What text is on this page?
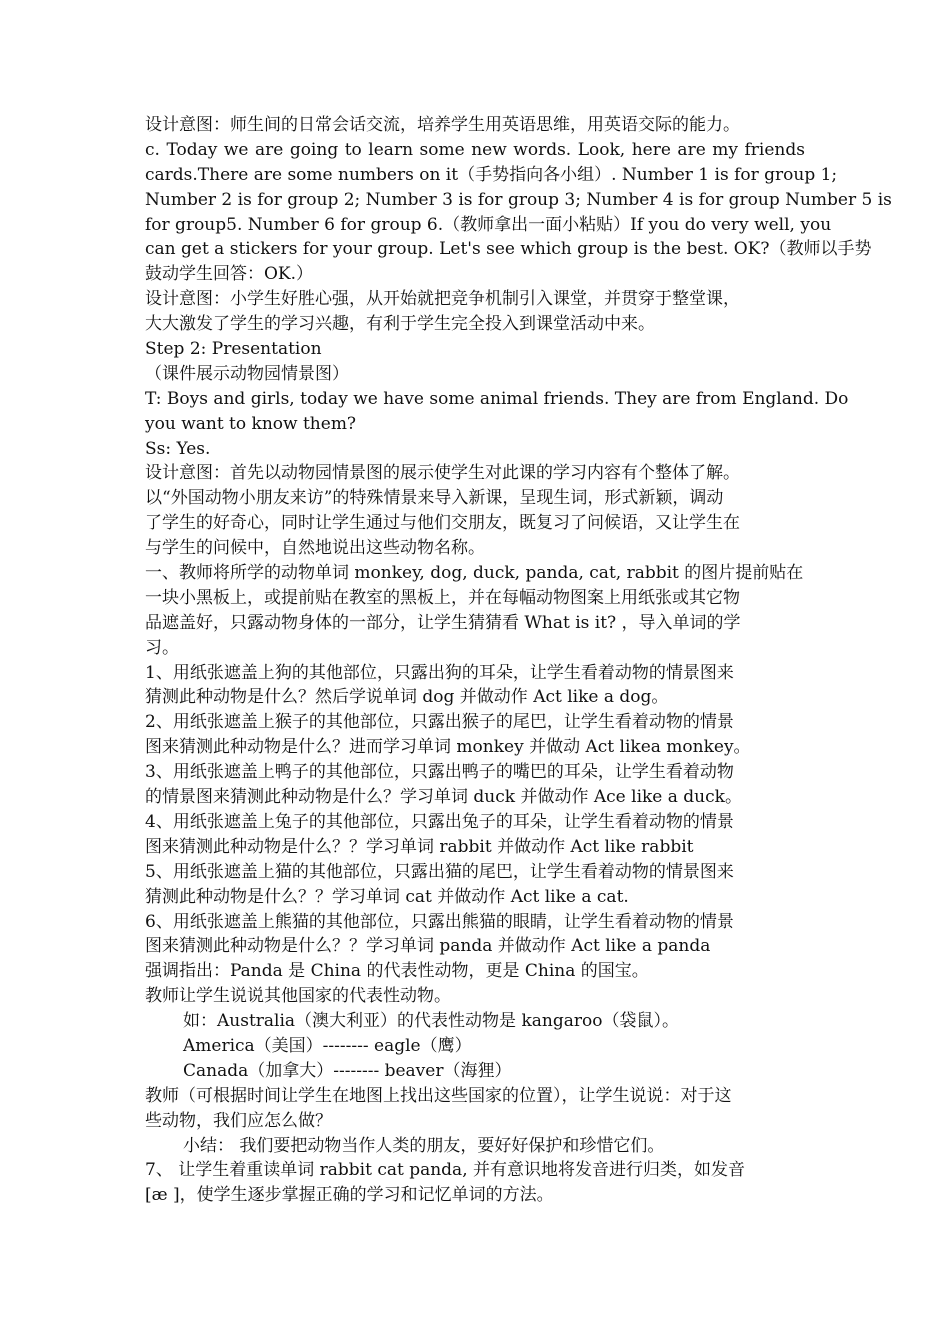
设计意图：师生间的日常会话交流，培养学生用英语思维，用英语交际的能力。
c. Today we are going to learn some new words. Look, here are my friends
cards.There are some numbers on it（手势指向各小组）. Number 1 is for group 1;
Number 2 is for group 2; Number 3 is for group 3; Number 4 is for group Number 5 is
for group5. Number 6 for group 6.（教师拿出一面小粘贴）If you do very well, you
can get a stickers for your group. Let's see which group is the best. OK?（教师以手势
鼓动学生回答：OK.）
设计意图：小学生好胜心强，从开始就把竞争机制引入课堂，并贯穿于整堂课，
大大激发了学生的学习兴趣，有利于学生完全投入到课堂活动中来。
Step 2: Presentation
（课件展示动物园情景图）
T: Boys and girls, today we have some animal friends. They are from England. Do
you want to know them?
Ss: Yes.
设计意图：首先以动物园情景图的展示使学生对此课的学习内容有个整体了解。
以“外国动物小朋友来访”的特殊情景来导入新课，呈现生词，形式新颖，调动
了学生的好奇心，同时让学生通过与他们交朋友，既复习了问候语，又让学生在
与学生的问候中，自然地说出这些动物名称。
一、教师将所学的动物单词 monkey, dog, duck, panda, cat, rabbit 的图片提前贴在
一块小黑板上，或提前贴在教室的黑板上，并在每幅动物图案上用纸张或其它物
品遮盖好，只露动物身体的一部分，让学生猜猜看 What is it? ，导入单词的学
习。
1、用纸张遮盖上狗的其他部位，只露出狗的耳朵，让学生看着动物的情景图来
猜测此种动物是什么？然后学说单词 dog 并做动作 Act like a dog。
2、用纸张遮盖上猴子的其他部位，只露出猴子的尾巴，让学生看着动物的情景
图来猜测此种动物是什么？进而学习单词 monkey 并做动 Act likea monkey。
3、用纸张遮盖上鸭子的其他部位，只露出鸭子的嘴巴的耳朵，让学生看着动物
的情景图来猜测此种动物是什么？学习单词 duck 并做动作 Ace like a duck。
4、用纸张遮盖上兔子的其他部位，只露出兔子的耳朵，让学生看着动物的情景
图来猜测此种动物是什么？？学习单词 rabbit 并做动作 Act like rabbit
5、用纸张遮盖上猫的其他部位，只露出猫的尾巴，让学生看着动物的情景图来
猜测此种动物是什么？？学习单词 cat 并做动作 Act like a cat.
6、用纸张遮盖上熊猫的其他部位，只露出熊猫的眼睛，让学生看着动物的情景
图来猜测此种动物是什么？？学习单词 panda 并做动作 Act like a panda
强调指出：Panda 是 China 的代表性动物，更是 China 的国宝。
教师让学生说说其他国家的代表性动物。
如：Australia（澳大利亚）的代表性动物是 kangaroo（袋鼠）。
America（美国）-------- eagle（鹰）
Canada（加拿大）-------- beaver（海狸）
教师（可根据时间让学生在地图上找出这些国家的位置），让学生说说：对于这
些动物，我们应怎么做？
小结： 我们要把动物当作人类的朋友，要好好保护和珍惜它们。
7、 让学生着重读单词 rabbit cat panda, 并有意识地将发音进行归类，如发音
[æ ]，使学生逐步掌握正确的学习和记忆单词的方法。
